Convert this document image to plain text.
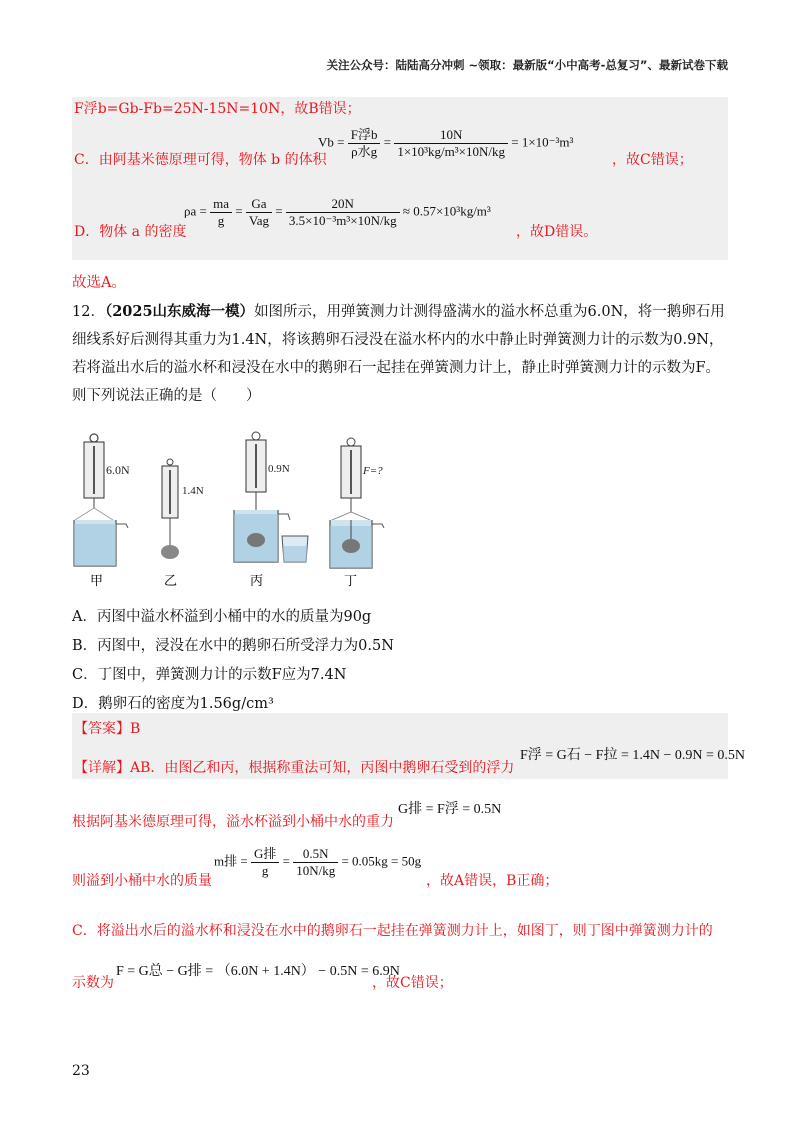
关注公众号：陆陆高分冲刺 ~领取：最新版“小中高考-总复习”、最新试卷下载
F浮b=Gb-Fb=25N-15N=10N，故B错误；
C．由阿基米德原理可得，物体 b 的体积
$Vb = \frac{\text{F浮b}}{\text{ρ水g}} = \frac{10N}{\text{1×10³kg/m³×10N/kg}} = 1\times 10^{-3}m^3$
，故C错误；
D．物体 a 的密度
$\rho a = \frac{ma}{g} = \frac{Ga}{\text{Vag}} = \frac{20N}{\text{3.5×10⁻³m³×10N/kg}} \approx 0.57\times 10^3kg/m^3$
，故D错误。
故选A。
12．（2025山东威海一模）如图所示，用弹簧测力计测得盛满水的溢水杯总重为6.0N，将一鹅卵石用细线系好后测得其重力为1.4N，将该鹅卵石浸没在溢水杯内的水中静止时弹簧测力计的示数为0.9N，若将溢出水后的溢水杯和浸没在水中的鹅卵石一起挂在弹簧测力计上，静止时弹簧测力计的示数为F。则下列说法正确的是（　　）
6.0N
1.4N
0.9N	F=?
甲	乙	丙	丁
A．丙图中溢水杯溢到小桶中的水的质量为90g
B．丙图中，浸没在水中的鹅卵石所受浮力为0.5N
C．丁图中，弹簧测力计的示数F应为7.4N
D．鹅卵石的密度为1.56g/cm³
【答案】B
【详解】AB．由图乙和丙，根据称重法可知，丙图中鹅卵石受到的浮力
F浮 = G石 − F拉 = 1.4N − 0.9N = 0.5N
根据阿基米德原理可得，溢水杯溢到小桶中水的重力
G排 = F浮 = 0.5N
则溢到小桶中水的质量
m排 = $\frac{\text{G排}}{g} = \frac{0.5N}{10N/kg} = 0.05kg = 50g$
，故A错误，B正确；
C．将溢出水后的溢水杯和浸没在水中的鹅卵石一起挂在弹簧测力计上，如图丁，则丁图中弹簧测力计的
示数为
F = G总 − G排 = （6.0N + 1.4N） − 0.5N = 6.9N
，故C错误；
23
